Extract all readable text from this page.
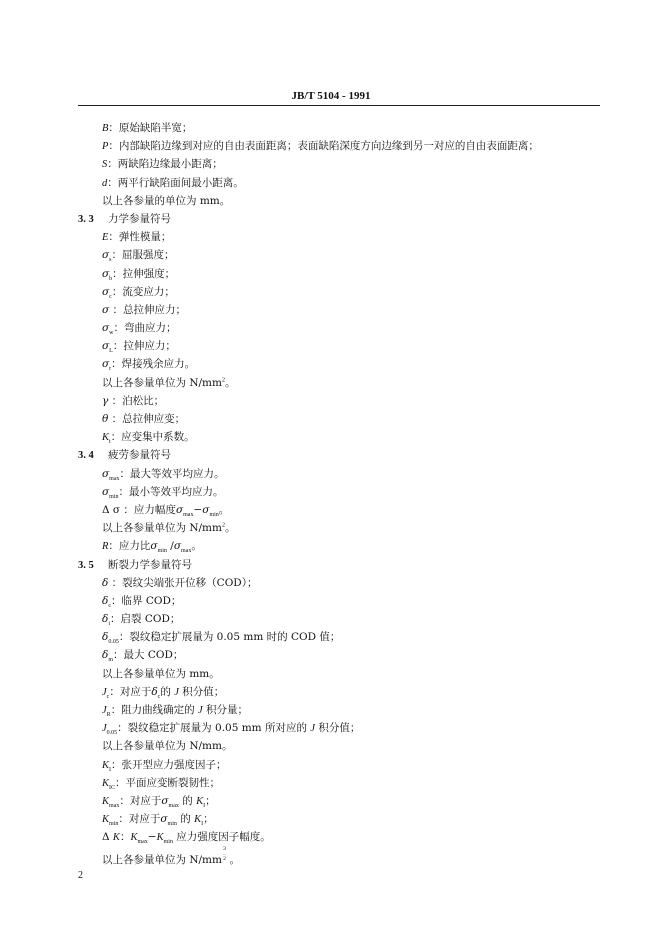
JB/T 5104 - 1991
B：原始缺陷半宽；
P：内部缺陷边缘到对应的自由表面距离；表面缺陷深度方向边缘到另一对应的自由表面距离；
S：两缺陷边缘最小距离；
d：两平行缺陷面间最小距离。
以上各参量的单位为 mm。
3. 3 力学参量符号
E：弹性模量；
$\sigma_s$：屈服强度；
$\sigma_b$：拉伸强度；
$\sigma_c$：流变应力；
σ ：总拉伸应力；
$\sigma_w$：弯曲应力；
$\sigma_L$：拉伸应力；
$\sigma_r$：焊接残余应力。
以上各参量单位为 $N/mm^2$。
γ ：泊松比；
θ ：总拉伸应变；
$K_t$：应变集中系数。
3. 4 疲劳参量符号
$\sigma_{max}$：最大等效平均应力。
$\sigma_{min}$：最小等效平均应力。
Δ σ ：应力幅度$\sigma_{max}-\sigma_{min}$。
以上各参量单位为 $N/mm^2$。
R：应力比$\sigma_{min}$ $/\sigma_{max}$。
3. 5 断裂力学参量符号
δ ：裂纹尖端张开位移（COD）；
$\delta_c$：临界 COD；
$\delta_i$：启裂 COD；
$\delta_{0.05}$：裂纹稳定扩展量为 0.05 mm 时的 COD 值；
$\delta_m$：最大 COD；
以上各参量单位为 mm。
$J_c$：对应于$\delta_c$的 J 积分值；
$J_R$：阻力曲线确定的 J 积分量；
$J_{0.05}$：裂纹稳定扩展量为 0.05 mm 所对应的 J 积分值；
以上各参量单位为 N/mm。
$K_I$：张开型应力强度因子；
$K_{IC}$：平面应变断裂韧性；
$K_{max}$：对应于$\sigma_{max}$ 的 $K_I$；
$K_{min}$：对应于$\sigma_{min}$ 的 $K_I$；
Δ K：$K_{max}-K_{min}$ 应力强度因子幅度。
以上各参量单位为 N/mm
3
—
2 。
2
